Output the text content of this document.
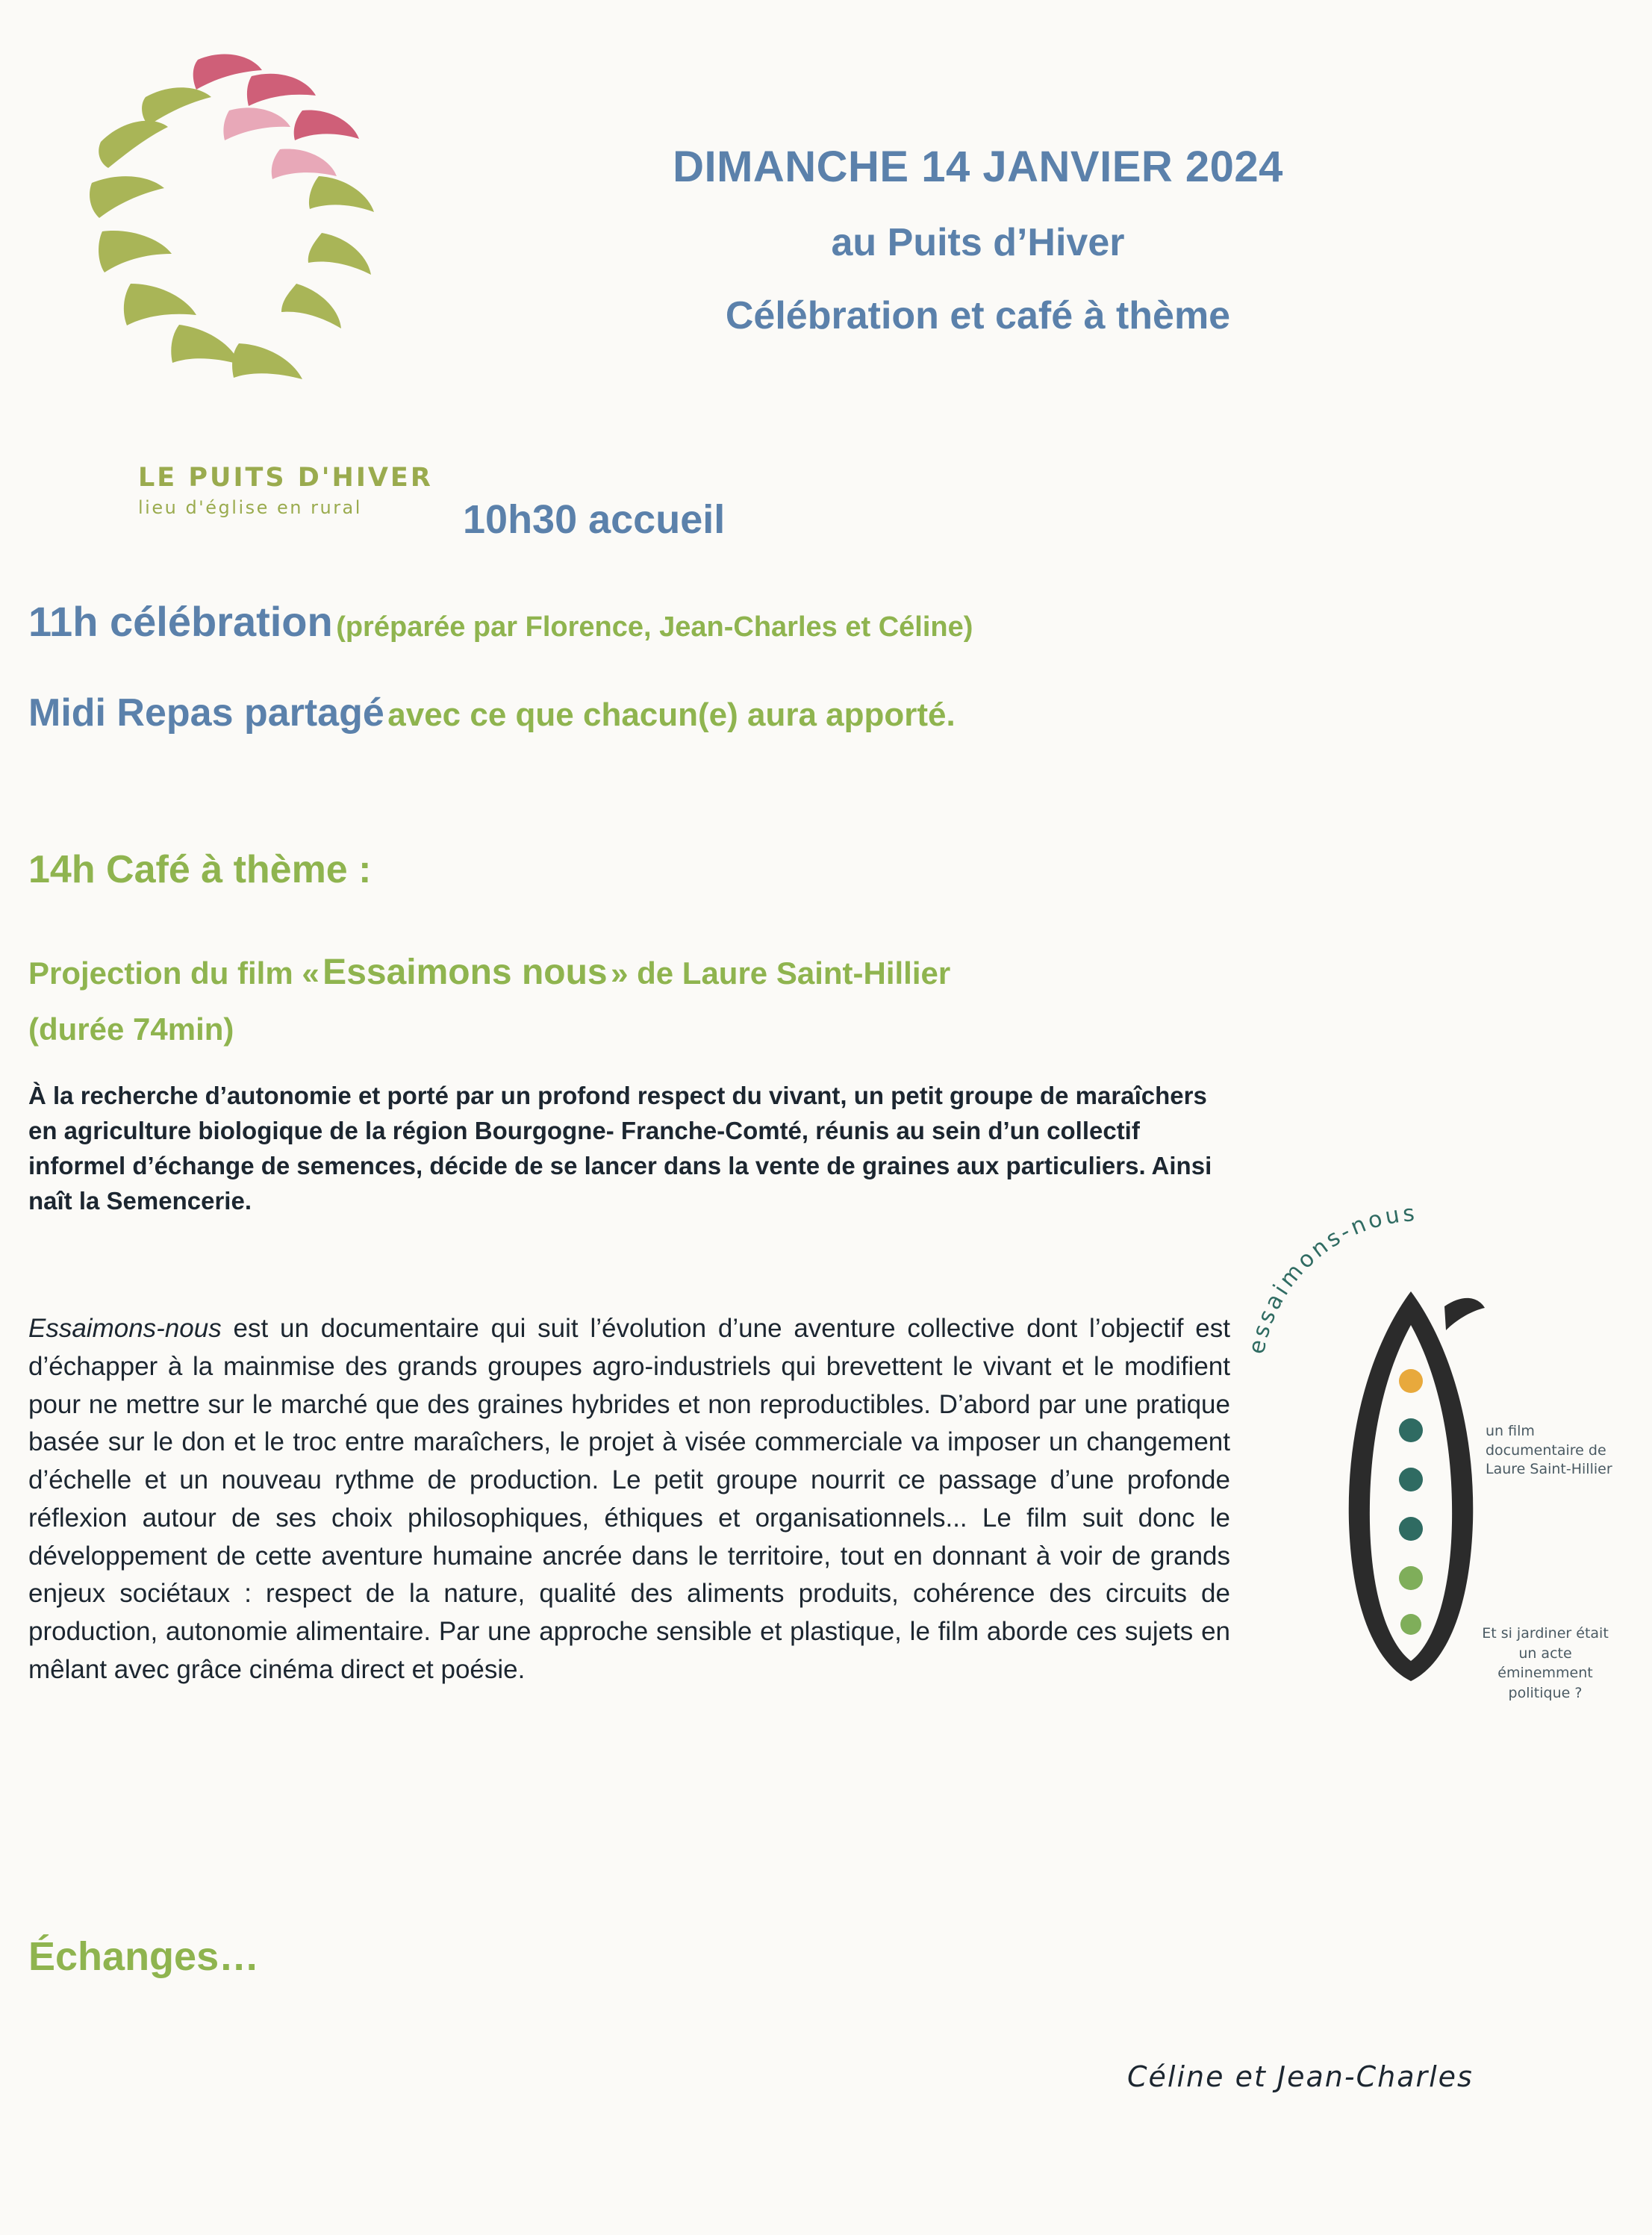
LE PUITS D'HIVER
lieu d'église en rural
DIMANCHE 14 JANVIER 2024
au Puits d’Hiver
Célébration et café à thème
10h30 accueil
11h célébration (préparée par Florence, Jean-Charles et Céline)
Midi Repas partagé avec ce que chacun(e) aura apporté.
14h Café à thème :
Projection du film « Essaimons nous » de Laure Saint-Hillier
(durée 74min)
À la recherche d’autonomie et porté par un profond respect du vivant, un petit groupe de maraîchers en agriculture biologique de la région Bourgogne- Franche-Comté, réunis au sein d’un collectif informel d’échange de semences, décide de se lancer dans la vente de graines aux particuliers. Ainsi naît la Semencerie.
Essaimons-nous est un documentaire qui suit l’évolution d’une aventure collective dont l’objectif est d’échapper à la mainmise des grands groupes agro-industriels qui brevettent le vivant et le modifient pour ne mettre sur le marché que des graines hybrides et non reproductibles. D’abord par une pratique basée sur le don et le troc entre maraîchers, le projet à visée commerciale va imposer un changement d’échelle et un nouveau rythme de production. Le petit groupe nourrit ce passage d’une profonde réflexion autour de ses choix philosophiques, éthiques et organisationnels... Le film suit donc le développement de cette aventure humaine ancrée dans le territoire, tout en donnant à voir de grands enjeux sociétaux : respect de la nature, qualité des aliments produits, cohérence des circuits de production, autonomie alimentaire. Par une approche sensible et plastique, le film aborde ces sujets en mêlant avec grâce cinéma direct et poésie.
Échanges…
Céline et Jean-Charles
essaimons-nous
un film documentaire de Laure Saint-Hillier
Et si jardiner était un acte éminemment politique ?
